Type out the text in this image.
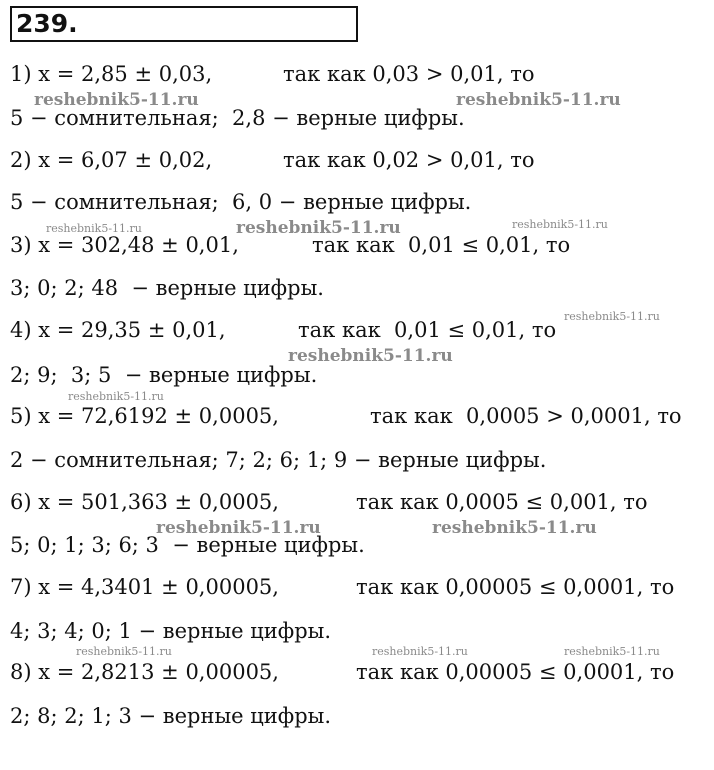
239.
1) x = 2,85 ± 0,03,	так как 0,03 > 0,01, то
5 − сомнительная;  2,8 − верные цифры.
2) x = 6,07 ± 0,02,	так как 0,02 > 0,01, то
5 − сомнительная;  6, 0 − верные цифры.
3) x = 302,48 ± 0,01,	так как  0,01 ≤ 0,01, то
3; 0; 2; 48  − верные цифры.
4) x = 29,35 ± 0,01,	так как  0,01 ≤ 0,01, то
2; 9;  3; 5  − верные цифры.
5) x = 72,6192 ± 0,0005,	так как  0,0005 > 0,0001, то
2 − сомнительная; 7; 2; 6; 1; 9 − верные цифры.
6) x = 501,363 ± 0,0005,	так как 0,0005 ≤ 0,001, то
5; 0; 1; 3; 6; 3  − верные цифры.
7) x = 4,3401 ± 0,00005,	так как 0,00005 ≤ 0,0001, то
4; 3; 4; 0; 1 − верные цифры.
8) x = 2,8213 ± 0,00005,	так как 0,00005 ≤ 0,0001, то
2; 8; 2; 1; 3 − верные цифры.
reshebnik5-11.ru	reshebnik5-11.ru
reshebnik5-11.ru	reshebnik5-11.ru	reshebnik5-11.ru
reshebnik5-11.ru
reshebnik5-11.ru
reshebnik5-11.ru
reshebnik5-11.ru	reshebnik5-11.ru
reshebnik5-11.ru	reshebnik5-11.ru	reshebnik5-11.ru
